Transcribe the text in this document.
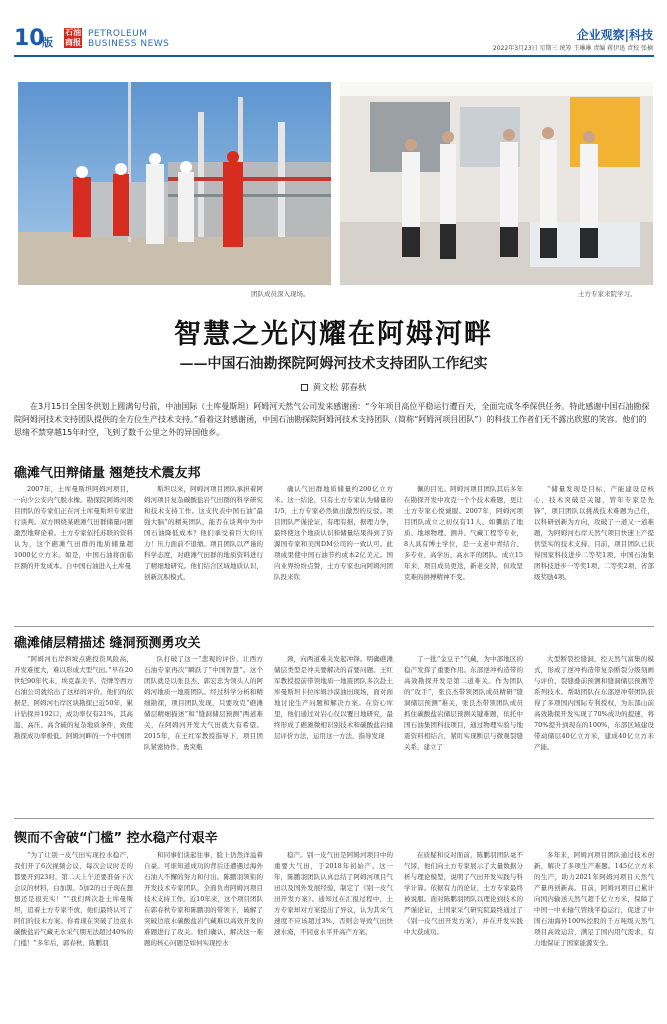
10
版
石油 商报
PETROLEUM
BUSINESS NEWS
企业观察|科技
2022年3月23日 星期三 统筹 王琳琳 责编 蒋伊迅 责校 张楠
团队成员深入现场。	土方专家来院学习。
智慧之光闪耀在阿姆河畔
——中国石油勘探院阿姆河技术支持团队工作纪实
黄文松 郭春秋
在3月15日全国冬供划上圆满句号前，中油国际（土库曼斯坦）阿姆河天然气公司发来感谢函：“今年项目高位平稳运行遭百天，全面完成冬季保供任务。特此感谢中国石油勘探院阿姆河技术支持团队提供的全方位生产技术支持。”看着这封感谢函，中国石油勘探院阿姆河技术支持团队（简称“阿姆河项目团队”）的科技工作者们无不露出欣慰的笑容。他们的思绪不禁穿越15年时空，飞到了数千公里之外的异国他乡。
礁滩气田辩储量 翘楚技术震友邦

2007年，土库曼斯坦阿姆河项目，一向少公安内气脱水橡。勘探院阿姆河项目团队的专家们正在河土库曼斯坦专家进行谈判。双方围绕某礁滩气田群储量问题激烈地辩论着。土方专家依托苏联的资料认为，这个礁滩气田群的地质储量超1000亿立方米。如是，中国石油将面临巨额的开发成本。自中国石油进入土库曼

斯坦以来，阿姆河项目团队承担着阿姆河项目复杂碳酸盐岩气田群的科学研究和技术支持工作。这支代表中国石油“最强大脑”的精英团队，能否在谈判中为中国石油降低成本？他们承受着巨大的压力！压力面前不退缩。项目团队以严谨的科学态度，对礁滩气田群的地质资料进行了精细地研究。他们结合区域地质认识，创新沉积模式，

确认气田群地质储量约200亿立方米。这一结论，只有土方专家认为储量的1/5，土方专家必然做出激烈的反驳。项目团队严谨论证，有理有据，据理力争，最终使这个地质认识和储量结果得到了资源国专家和美国DM公司的一致认可。此项成果使中国石油节约成本2亿美元。国内业界纷纷点赞，土方专家也向阿姆河团队投来钦

佩的目光。阿姆河项目团队其后多年在勘探开发中攻克一个个技术难题，更让土方专家心悦诚服。2007年，阿姆河项目团队成立之初仅有11人，如囊括了地质、地球物理、测井、气藏工程等专业，8人具有博士学位，是一支老中青结合、多专业、高学历、高水平的团队。成立15年来，项目成员更迭，新老交替，但攻坚克难的拼搏精神不变。

“储量发现是目标，产能建设是核心，技术突破是关键，管年专家是先锋”，项目团队以挑战技术难题为己任，以科研创新为方向，攻破了一道又一道难题，为阿姆河右岸天然气项目快速上产提供坚实的技术支持。目前，项目团队已获得国家科技进步二等奖1项、中国石油集团科技进步一等奖1项、二等奖2项、省部级奖励4项。

礁滩储层精描述 缝洞预测勇攻关

“阿姆河右岸斜坡点礁投资风险高，开发难度大，难以形成大型气田。”早在20世纪90年代末，埃克森美孚、壳牌等西方石油公司就给出了这样的评价。他们的依据是，阿姆河右岸区块勘探已近50年，累计钻探井192口，成功率仅有21%，其高温、高压、高含硫的复杂地质条件，致使勘探成功率极低。阿姆河畔的一个中国团

队打破了这一“悲观的评价，让西方石油专家再次“瞬跃了”中国智慧”。这个团队就是以张良杰、郭宏忠为领头人的阿姆河地质一地震团队。经过科学分析和精细勘探，项目团队发现，只要攻克“礁滩储层精细描述”和“缝洞储层预测”两道难关，在阿姆河开发大气田就大有希望。2015年，在王红军教授指导下，项目团队紧密协作、勇突瓶

颈，向两道难关发起冲锋。明确礁滩储层类型是冲关要解决的首要问题。王红军教授提前带领地质一地震团队多次赴土库曼斯坦卡拉库姆沙漠油田现场，面对面地讨论生产问题和解决方案。在资心库里，他们通过对岩心仅以覆日地研究，最终形成了礁滩微相识别技术和碳酸盐岩储层评价方法，运用这一方法，指导发现

了一批“金豆子”气藏，为中部地区的稳产发挥了重要作用。东部逆冲构造带的高效勘探开发是第二道难关。作为团队的“攻手”，张良杰带领团队成员精研“缝洞储层预测”难关，张良杰带领团队成员抓住碳酸盐岩储层预测关键难题，依托中国石油集团科技项目，通过物理实验与地震资料相结合，紧盯实现断层与微观裂缝关系，建立了

大型断裂控缝洞，控天然气富集的模式，形成了逆冲构造带复杂断裂分级刻画与评价、裂缝叠前预测和缝洞储层预测等系列技术。帮助团队在东部逆冲带团队获得了多项国内国际专利授权，为东部山前高效勘探开发实现了70%成功的提速，将70%提升到现在的100%，东部区域建设带动储层40亿立方米，建成40亿立方米产能。

锲而不舍破“门槛” 控水稳产付艰辛

“为了让别一皮气田实现控水稳产，我们开了6次视频会议，每次会议时差的都要开到23时，第二天上午还要准备下次会议的材料，白加黑、5加2的日子现在想想还是很充实！”“我们两次赴土库曼斯坦，追着土方专家不放，他们最终认可了阿们的技术方案。你看现在突破了边底水碳酸盐岩气藏无水采气期无法超过40%的门槛！”多年后，郭春秋、陈鹏羽

和同事们谈起往事，脸上仍然洋溢着自豪。可谁知道成功的背后还遭遇过海外石油人不懈的努力和付出。陈鹏羽领衔的开发技术专家团队，全面负责阿姆河项目技术支持工作。近10年来，这个项目团队在郭春秋专家和陈鹏羽的带领下，破解了突破边底水碳酸盐岩气藏难以高效开发的难题进行了攻关。他们确认，解决这一难题的核心问题是如何实现控水

稳产。别一皮气田是阿姆河项目中的重要大气田，于2018年初始产。这一年，陈鹏羽团队认真总结了阿姆河项目气田以及国外发展经验，制定了《别一皮气田开发方案》。通知过在汇报过程中，土方专家却对方案提出了异议，认为其采气速度不应该超过3%，否则会导致气田快速水淹，不同意水平开高产方案。

在质疑和反对面前，陈鹏羽团队毫不气馁，他们向土方专家展示了大量数据分析与理论模型，说明了气田开发实践与科学计算。依据有力的论证，土方专家最终被说服。面对陈鹏羽团队以理论到技术的严谨论证，土国家采气研究院最终通过了《别一皮气田开发方案》，并在开发实践中大获成功。

多年来，阿姆河项目团队通过技术创新，解决了多项生产难题。145亿立方米的生产，助力2021年阿姆河项目天然气产量再创新高。目前，阿姆河项目已累计向国内输送天然气超千亿立方米，保障了中国一中亚输气管线平稳运行，促进了中国石油海外100%控股的千万吨级天然气项目高效运营，满足了国内用气需求，有力地保证了国家能源安全。
